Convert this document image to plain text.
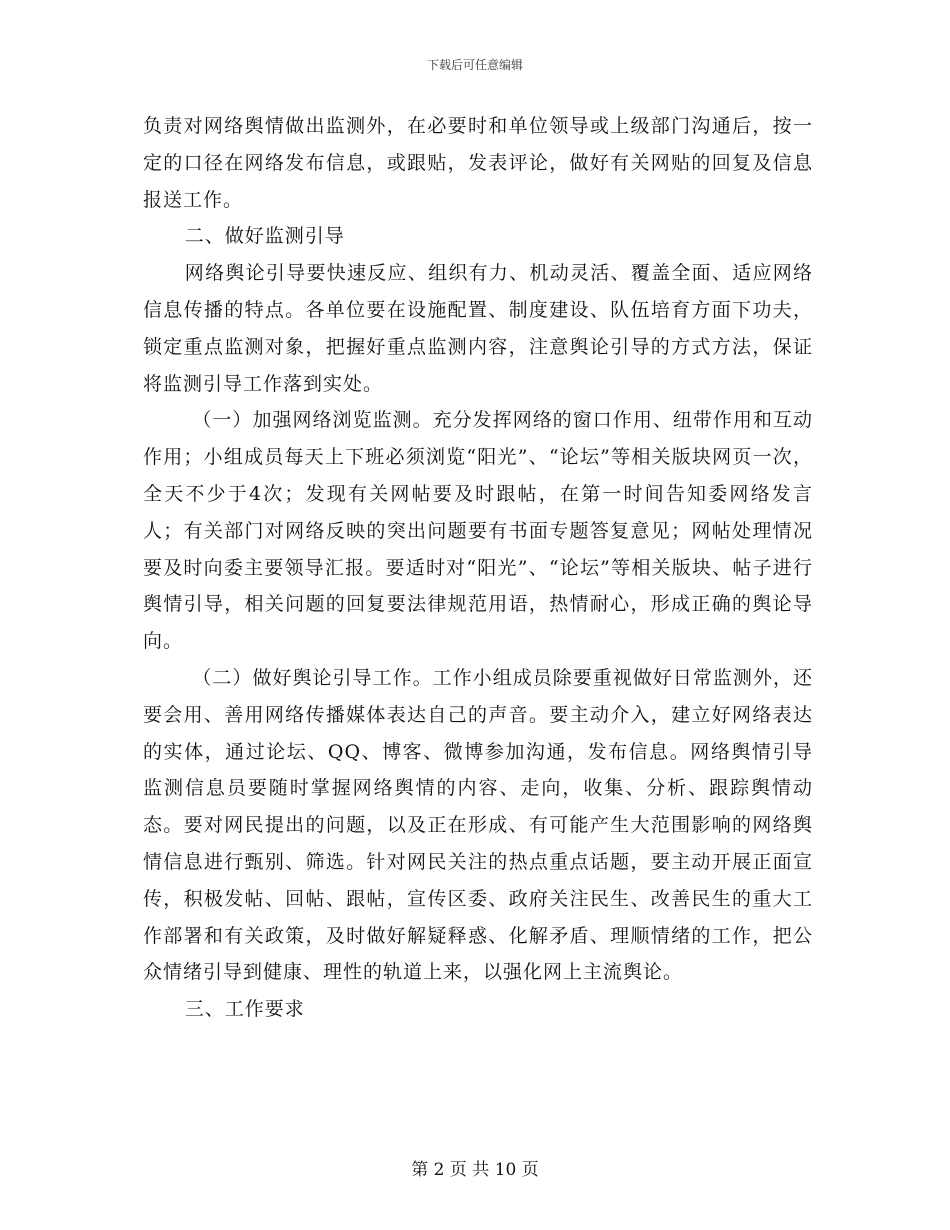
下载后可任意编辑

负责对网络舆情做出监测外，在必要时和单位领导或上级部门沟通后，按一定的口径在网络发布信息，或跟贴，发表评论，做好有关网贴的回复及信息报送工作。

二、做好监测引导

网络舆论引导要快速反应、组织有力、机动灵活、覆盖全面、适应网络信息传播的特点。各单位要在设施配置、制度建设、队伍培育方面下功夫，锁定重点监测对象，把握好重点监测内容，注意舆论引导的方式方法，保证将监测引导工作落到实处。

（一）加强网络浏览监测。充分发挥网络的窗口作用、纽带作用和互动作用；小组成员每天上下班必须浏览“阳光”、“论坛”等相关版块网页一次，全天不少于4次；发现有关网帖要及时跟帖，在第一时间告知委网络发言人；有关部门对网络反映的突出问题要有书面专题答复意见；网帖处理情况要及时向委主要领导汇报。要适时对“阳光”、“论坛”等相关版块、帖子进行舆情引导，相关问题的回复要法律规范用语，热情耐心，形成正确的舆论导向。

（二）做好舆论引导工作。工作小组成员除要重视做好日常监测外，还要会用、善用网络传播媒体表达自己的声音。要主动介入，建立好网络表达的实体，通过论坛、QQ、博客、微博参加沟通，发布信息。网络舆情引导监测信息员要随时掌握网络舆情的内容、走向，收集、分析、跟踪舆情动态。要对网民提出的问题，以及正在形成、有可能产生大范围影响的网络舆情信息进行甄别、筛选。针对网民关注的热点重点话题，要主动开展正面宣传，积极发帖、回帖、跟帖，宣传区委、政府关注民生、改善民生的重大工作部署和有关政策，及时做好解疑释惑、化解矛盾、理顺情绪的工作，把公众情绪引导到健康、理性的轨道上来，以强化网上主流舆论。

三、工作要求

第 2 页 共 10 页
